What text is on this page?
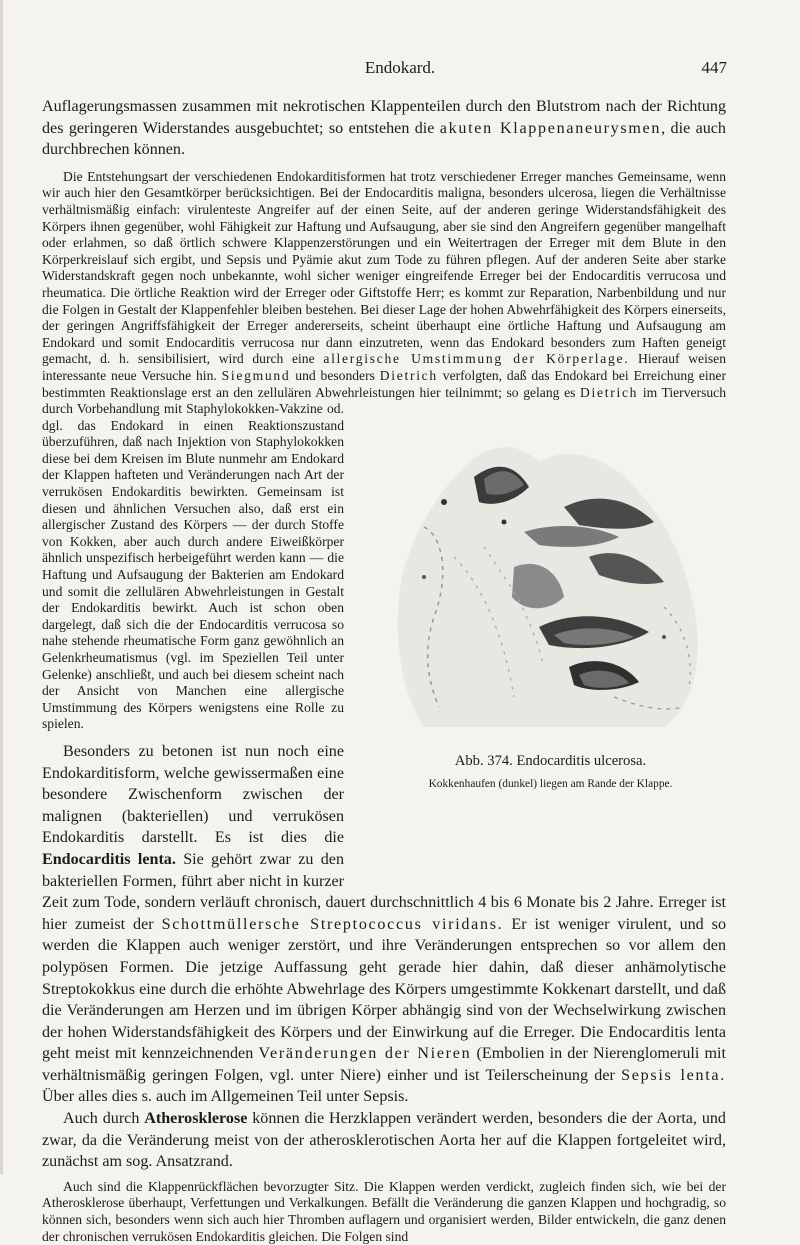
Endokard.	447

Auflagerungsmassen zusammen mit nekrotischen Klappenteilen durch den Blutstrom nach der Richtung des geringeren Widerstandes ausgebuchtet; so entstehen die akuten Klappenaneurysmen, die auch durchbrechen können.

Die Entstehungsart der verschiedenen Endokarditisformen hat trotz verschiedener Erreger manches Gemeinsame, wenn wir auch hier den Gesamtkörper berücksichtigen. Bei der Endocarditis maligna, besonders ulcerosa, liegen die Verhältnisse verhältnismäßig einfach: virulenteste Angreifer auf der einen Seite, auf der anderen geringe Widerstandsfähigkeit des Körpers ihnen gegenüber, wohl Fähigkeit zur Haftung und Aufsaugung, aber sie sind den Angreifern gegenüber mangelhaft oder erlahmen, so daß örtlich schwere Klappenzerstörungen und ein Weitertragen der Erreger mit dem Blute in den Körperkreislauf sich ergibt, und Sepsis und Pyämie akut zum Tode zu führen pflegen. Auf der anderen Seite aber starke Widerstandskraft gegen noch unbekannte, wohl sicher weniger eingreifende Erreger bei der Endocarditis verrucosa und rheumatica. Die örtliche Reaktion wird der Erreger oder Giftstoffe Herr; es kommt zur Reparation, Narbenbildung und nur die Folgen in Gestalt der Klappenfehler bleiben bestehen. Bei dieser Lage der hohen Abwehrfähigkeit des Körpers einerseits, der geringen Angriffsfähigkeit der Erreger andererseits, scheint überhaupt eine örtliche Haftung und Aufsaugung am Endokard und somit Endocarditis verrucosa nur dann einzutreten, wenn das Endokard besonders zum Haften geneigt gemacht, d. h. sensibilisiert, wird durch eine allergische Umstimmung der Körperlage. Hierauf weisen interessante neue Versuche hin. Siegmund und besonders Dietrich verfolgten, daß das Endokard bei Erreichung einer bestimmten Reaktionslage erst an den zellulären Abwehrleistungen hier teilnimmt; so gelang es
Abb. 374. Endocarditis ulcerosa.
Kokkenhaufen (dunkel) liegen am Rande der Klappe.
Dietrich im Tierversuch durch Vorbehandlung mit Staphylokokken-Vakzine od. dgl. das Endokard in einen Reaktionszustand überzuführen, daß nach Injektion von Staphylokokken diese bei dem Kreisen im Blute nunmehr am Endokard der Klappen hafteten und Veränderungen nach Art der verrukösen Endokarditis bewirkten. Gemeinsam ist diesen und ähnlichen Versuchen also, daß erst ein allergischer Zustand des Körpers — der durch Stoffe von Kokken, aber auch durch andere Eiweißkörper ähnlich unspezifisch herbeigeführt werden kann — die Haftung und Aufsaugung der Bakterien am Endokard und somit die zellulären Abwehrleistungen in Gestalt der Endokarditis bewirkt. Auch ist schon oben dargelegt, daß sich die der Endocarditis verrucosa so nahe stehende rheumatische Form ganz gewöhnlich an Gelenkrheumatismus (vgl. im Speziellen Teil unter Gelenke) anschließt, und auch bei diesem scheint nach der Ansicht von Manchen eine allergische Umstimmung des Körpers wenigstens eine Rolle zu spielen.

Besonders zu betonen ist nun noch eine Endokarditisform, welche gewissermaßen eine besondere Zwischenform zwischen der malignen (bakteriellen) und verrukösen Endokarditis darstellt. Es ist dies die Endocarditis lenta. Sie gehört zwar zu den bakteriellen Formen, führt aber nicht in kurzer Zeit zum Tode, sondern verläuft chronisch, dauert durchschnittlich 4 bis 6 Monate bis 2 Jahre. Erreger ist hier zumeist der Schottmüllersche Streptococcus viridans. Er ist weniger virulent, und so werden die Klappen auch weniger zerstört, und ihre Veränderungen entsprechen so vor allem den polypösen Formen. Die jetzige Auffassung geht gerade hier dahin, daß dieser anhämolytische Streptokokkus eine durch die erhöhte Abwehrlage des Körpers umgestimmte Kokkenart darstellt, und daß die Veränderungen am Herzen und im übrigen Körper abhängig sind von der Wechselwirkung zwischen der hohen Widerstandsfähigkeit des Körpers und der Einwirkung auf die Erreger. Die Endocarditis lenta geht meist mit kennzeichnenden Veränderungen der Nieren (Embolien in der Nierenglomeruli mit verhältnismäßig geringen Folgen, vgl. unter Niere) einher und ist Teilerscheinung der Sepsis lenta. Über alles dies s. auch im Allgemeinen Teil unter Sepsis.

Auch durch Atherosklerose können die Herzklappen verändert werden, besonders die der Aorta, und zwar, da die Veränderung meist von der atherosklerotischen Aorta her auf die Klappen fortgeleitet wird, zunächst am sog. Ansatzrand.

Auch sind die Klappenrückflächen bevorzugter Sitz. Die Klappen werden verdickt, zugleich finden sich, wie bei der Atherosklerose überhaupt, Verfettungen und Verkalkungen. Befällt die Veränderung die ganzen Klappen und hochgradig, so können sich, besonders wenn sich auch hier Thromben auflagern und organisiert werden, Bilder entwickeln, die ganz denen der chronischen verrukösen Endokarditis gleichen. Die Folgen sind
